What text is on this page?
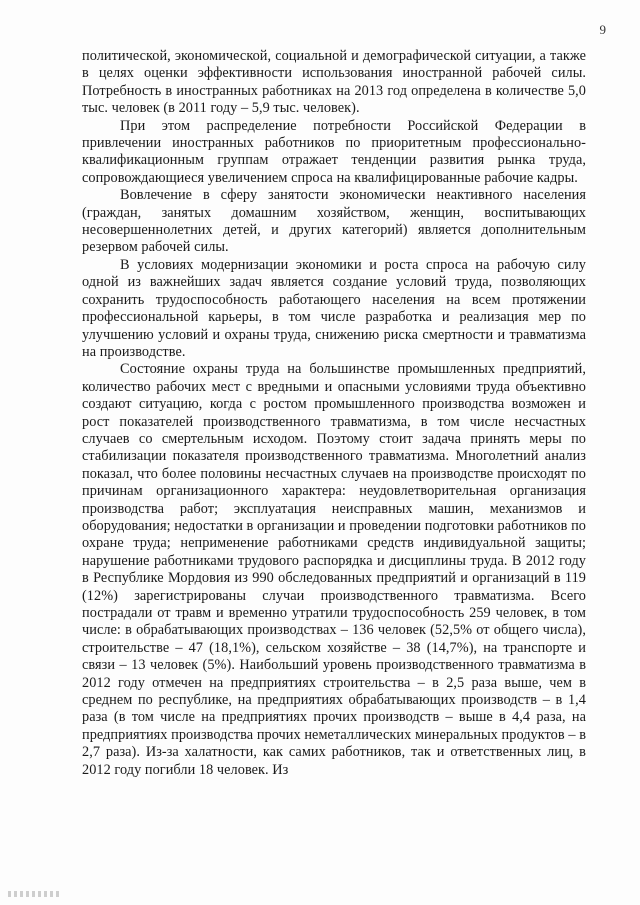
9

политической, экономической, социальной и демографической ситуации, а также в целях оценки эффективности использования иностранной рабочей силы. Потребность в иностранных работниках на 2013 год определена в количестве 5,0 тыс. человек (в 2011 году – 5,9 тыс. человек).

При этом распределение потребности Российской Федерации в привлечении иностранных работников по приоритетным профессионально-квалификационным группам отражает тенденции развития рынка труда, сопровождающиеся увеличением спроса на квалифицированные рабочие кадры.

Вовлечение в сферу занятости экономически неактивного населения (граждан, занятых домашним хозяйством, женщин, воспитывающих несовершеннолетних детей, и других категорий) является дополнительным резервом рабочей силы.

В условиях модернизации экономики и роста спроса на рабочую силу одной из важнейших задач является создание условий труда, позволяющих сохранить трудоспособность работающего населения на всем протяжении профессиональной карьеры, в том числе разработка и реализация мер по улучшению условий и охраны труда, снижению риска смертности и травматизма на производстве.

Состояние охраны труда на большинстве промышленных предприятий, количество рабочих мест с вредными и опасными условиями труда объективно создают ситуацию, когда с ростом промышленного производства возможен и рост показателей производственного травматизма, в том числе несчастных случаев со смертельным исходом. Поэтому стоит задача принять меры по стабилизации показателя производственного травматизма. Многолетний анализ показал, что более половины несчастных случаев на производстве происходят по причинам организационного характера: неудовлетворительная организация производства работ; эксплуатация неисправных машин, механизмов и оборудования; недостатки в организации и проведении подготовки работников по охране труда; неприменение работниками средств индивидуальной защиты; нарушение работниками трудового распорядка и дисциплины труда. В 2012 году в Республике Мордовия из 990 обследованных предприятий и организаций в 119 (12%) зарегистрированы случаи производственного травматизма. Всего пострадали от травм и временно утратили трудоспособность 259 человек, в том числе: в обрабатывающих производствах – 136 человек (52,5% от общего числа), строительстве – 47 (18,1%), сельском хозяйстве – 38 (14,7%), на транспорте и связи – 13 человек (5%). Наибольший уровень производственного травматизма в 2012 году отмечен на предприятиях строительства – в 2,5 раза выше, чем в среднем по республике, на предприятиях обрабатывающих производств – в 1,4 раза (в том числе на предприятиях прочих производств – выше в 4,4 раза, на предприятиях производства прочих неметаллических минеральных продуктов – в 2,7 раза). Из-за халатности, как самих работников, так и ответственных лиц, в 2012 году погибли 18 человек. Из
